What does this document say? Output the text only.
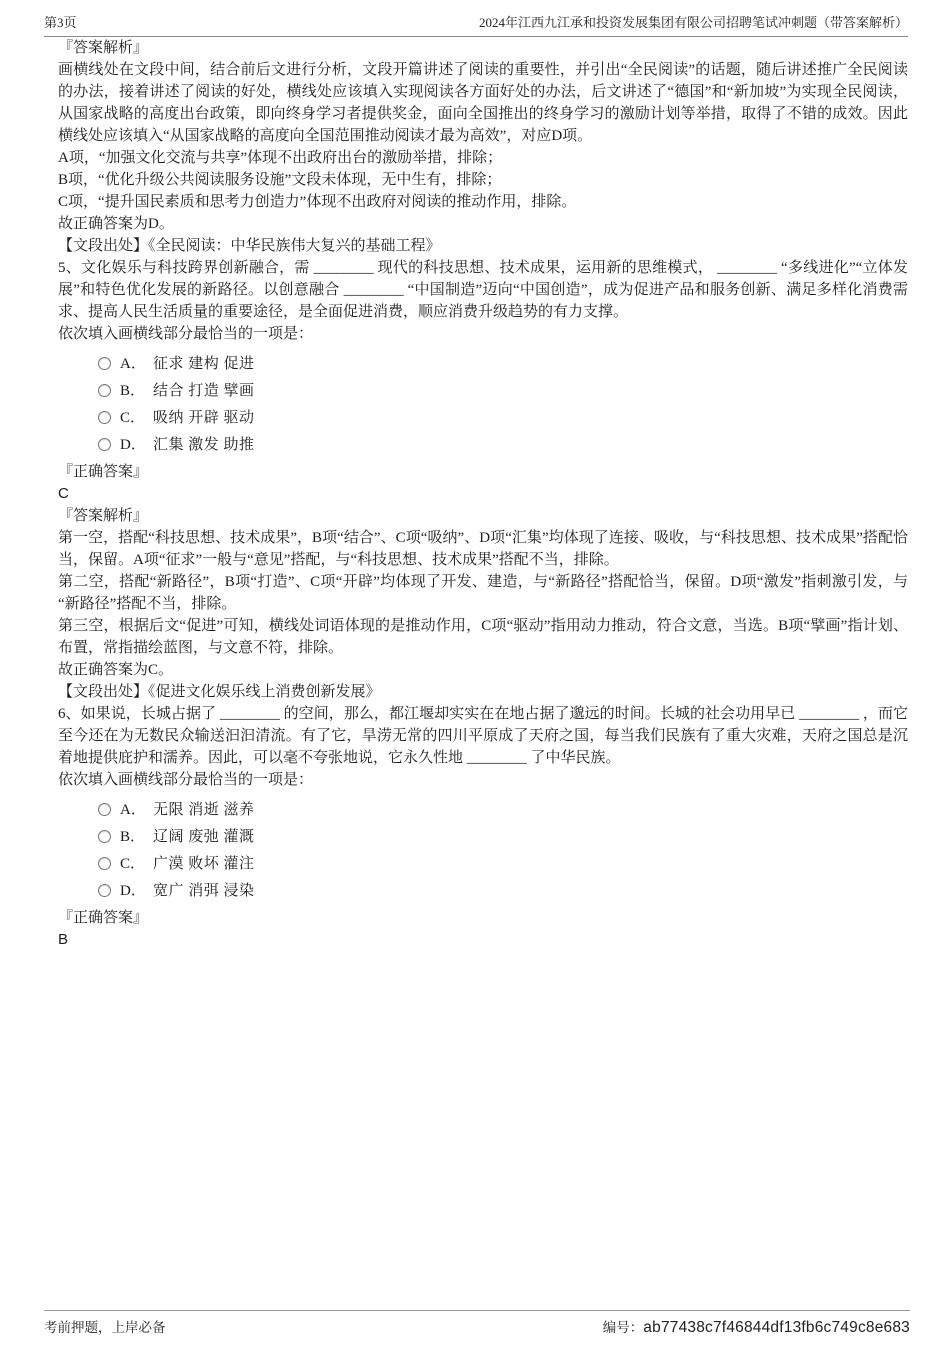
第3页	2024年江西九江承和投资发展集团有限公司招聘笔试冲刺题（带答案解析）

『答案解析』

画横线处在文段中间，结合前后文进行分析，文段开篇讲述了阅读的重要性，并引出“全民阅读”的话题，随后讲述推广全民阅读的办法，接着讲述了阅读的好处，横线处应该填入实现阅读各方面好处的办法，后文讲述了“德国”和“新加坡”为实现全民阅读，从国家战略的高度出台政策，即向终身学习者提供奖金，面向全国推出的终身学习的激励计划等举措，取得了不错的成效。因此横线处应该填入“从国家战略的高度向全国范围推动阅读才最为高效”，对应D项。

A项，“加强文化交流与共享”体现不出政府出台的激励举措，排除；

B项，“优化升级公共阅读服务设施”文段未体现，无中生有，排除；

C项，“提升国民素质和思考力创造力”体现不出政府对阅读的推动作用，排除。

故正确答案为D。

【文段出处】《全民阅读：中华民族伟大复兴的基础工程》

5、文化娱乐与科技跨界创新融合，需 ________ 现代的科技思想、技术成果，运用新的思维模式， ________ “多线进化”“立体发展”和特色优化发展的新路径。以创意融合 ________ “中国制造”迈向“中国创造”，成为促进产品和服务创新、满足多样化消费需求、提高人民生活质量的重要途径，是全面促进消费，顺应消费升级趋势的有力支撑。

依次填入画横线部分最恰当的一项是：

A． 征求 建构 促进
B． 结合 打造 擘画
C． 吸纳 开辟 驱动
D． 汇集 激发 助推

『正确答案』

C

『答案解析』

第一空，搭配“科技思想、技术成果”，B项“结合”、C项“吸纳”、D项“汇集”均体现了连接、吸收，与“科技思想、技术成果”搭配恰当，保留。A项“征求”一般与“意见”搭配，与“科技思想、技术成果”搭配不当，排除。

第二空，搭配“新路径”，B项“打造”、C项“开辟”均体现了开发、建造，与“新路径”搭配恰当，保留。D项“激发”指刺激引发，与“新路径”搭配不当，排除。

第三空，根据后文“促进”可知，横线处词语体现的是推动作用，C项“驱动”指用动力推动，符合文意，当选。B项“擘画”指计划、布置，常指描绘蓝图，与文意不符，排除。

故正确答案为C。

【文段出处】《促进文化娱乐线上消费创新发展》

6、如果说，长城占据了 ________ 的空间，那么，都江堰却实实在在地占据了邈远的时间。长城的社会功用早已 ________ ，而它至今还在为无数民众输送汩汩清流。有了它，旱涝无常的四川平原成了天府之国，每当我们民族有了重大灾难，天府之国总是沉着地提供庇护和濡养。因此，可以毫不夸张地说，它永久性地 ________ 了中华民族。

依次填入画横线部分最恰当的一项是：

A． 无限 消逝 滋养
B． 辽阔 废弛 灌溉
C． 广漠 败坏 灌注
D． 宽广 消弭 浸染

『正确答案』

B

考前押题，上岸必备	编号：ab77438c7f46844df13fb6c749c8e683
